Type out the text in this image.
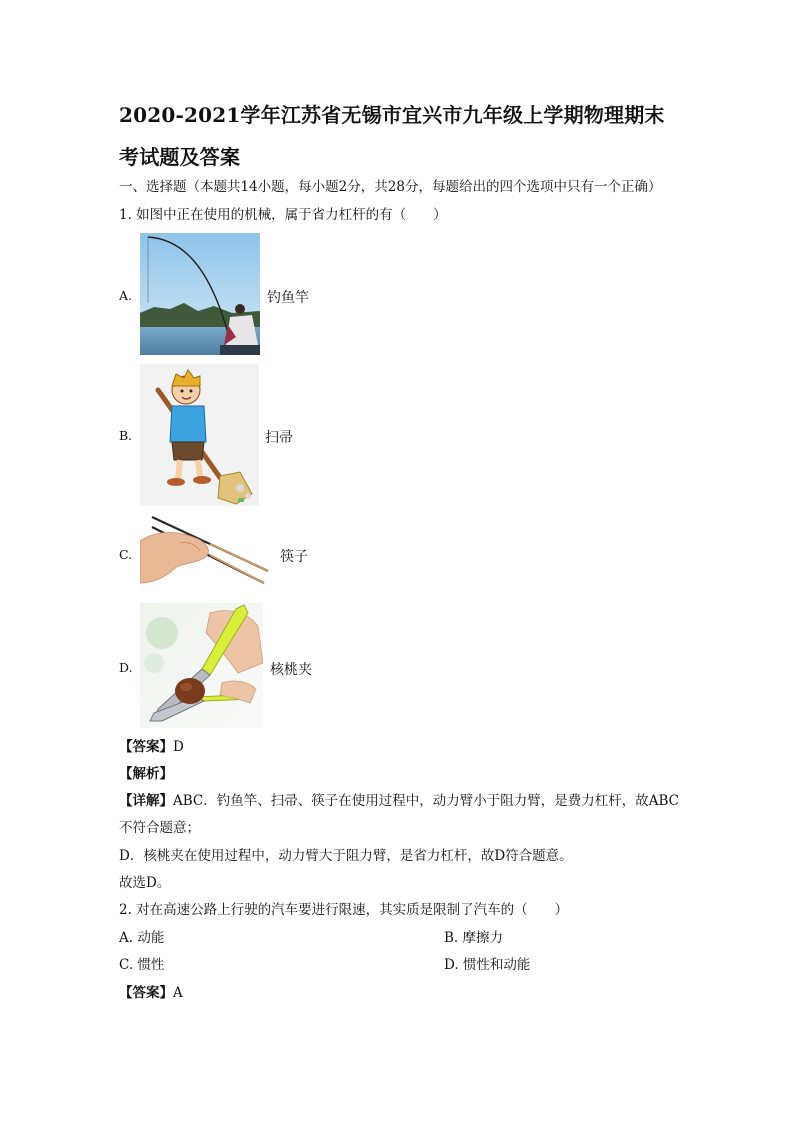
2020-2021学年江苏省无锡市宜兴市九年级上学期物理期末
考试题及答案
一、选择题（本题共14小题，每小题2分，共28分，每题给出的四个选项中只有一个正确）
1. 如图中正在使用的机械，属于省力杠杆的有（　　）
A.	钓鱼竿
B.	扫帚
C.	筷子
D.	核桃夹
【答案】D
【解析】
【详解】ABC．钓鱼竿、扫帚、筷子在使用过程中，动力臂小于阻力臂，是费力杠杆，故ABC
不符合题意；
D．核桃夹在使用过程中，动力臂大于阻力臂，是省力杠杆，故D符合题意。
故选D。
2. 对在高速公路上行驶的汽车要进行限速，其实质是限制了汽车的（　　）
A. 动能	B. 摩擦力
C. 惯性	D. 惯性和动能
【答案】A
